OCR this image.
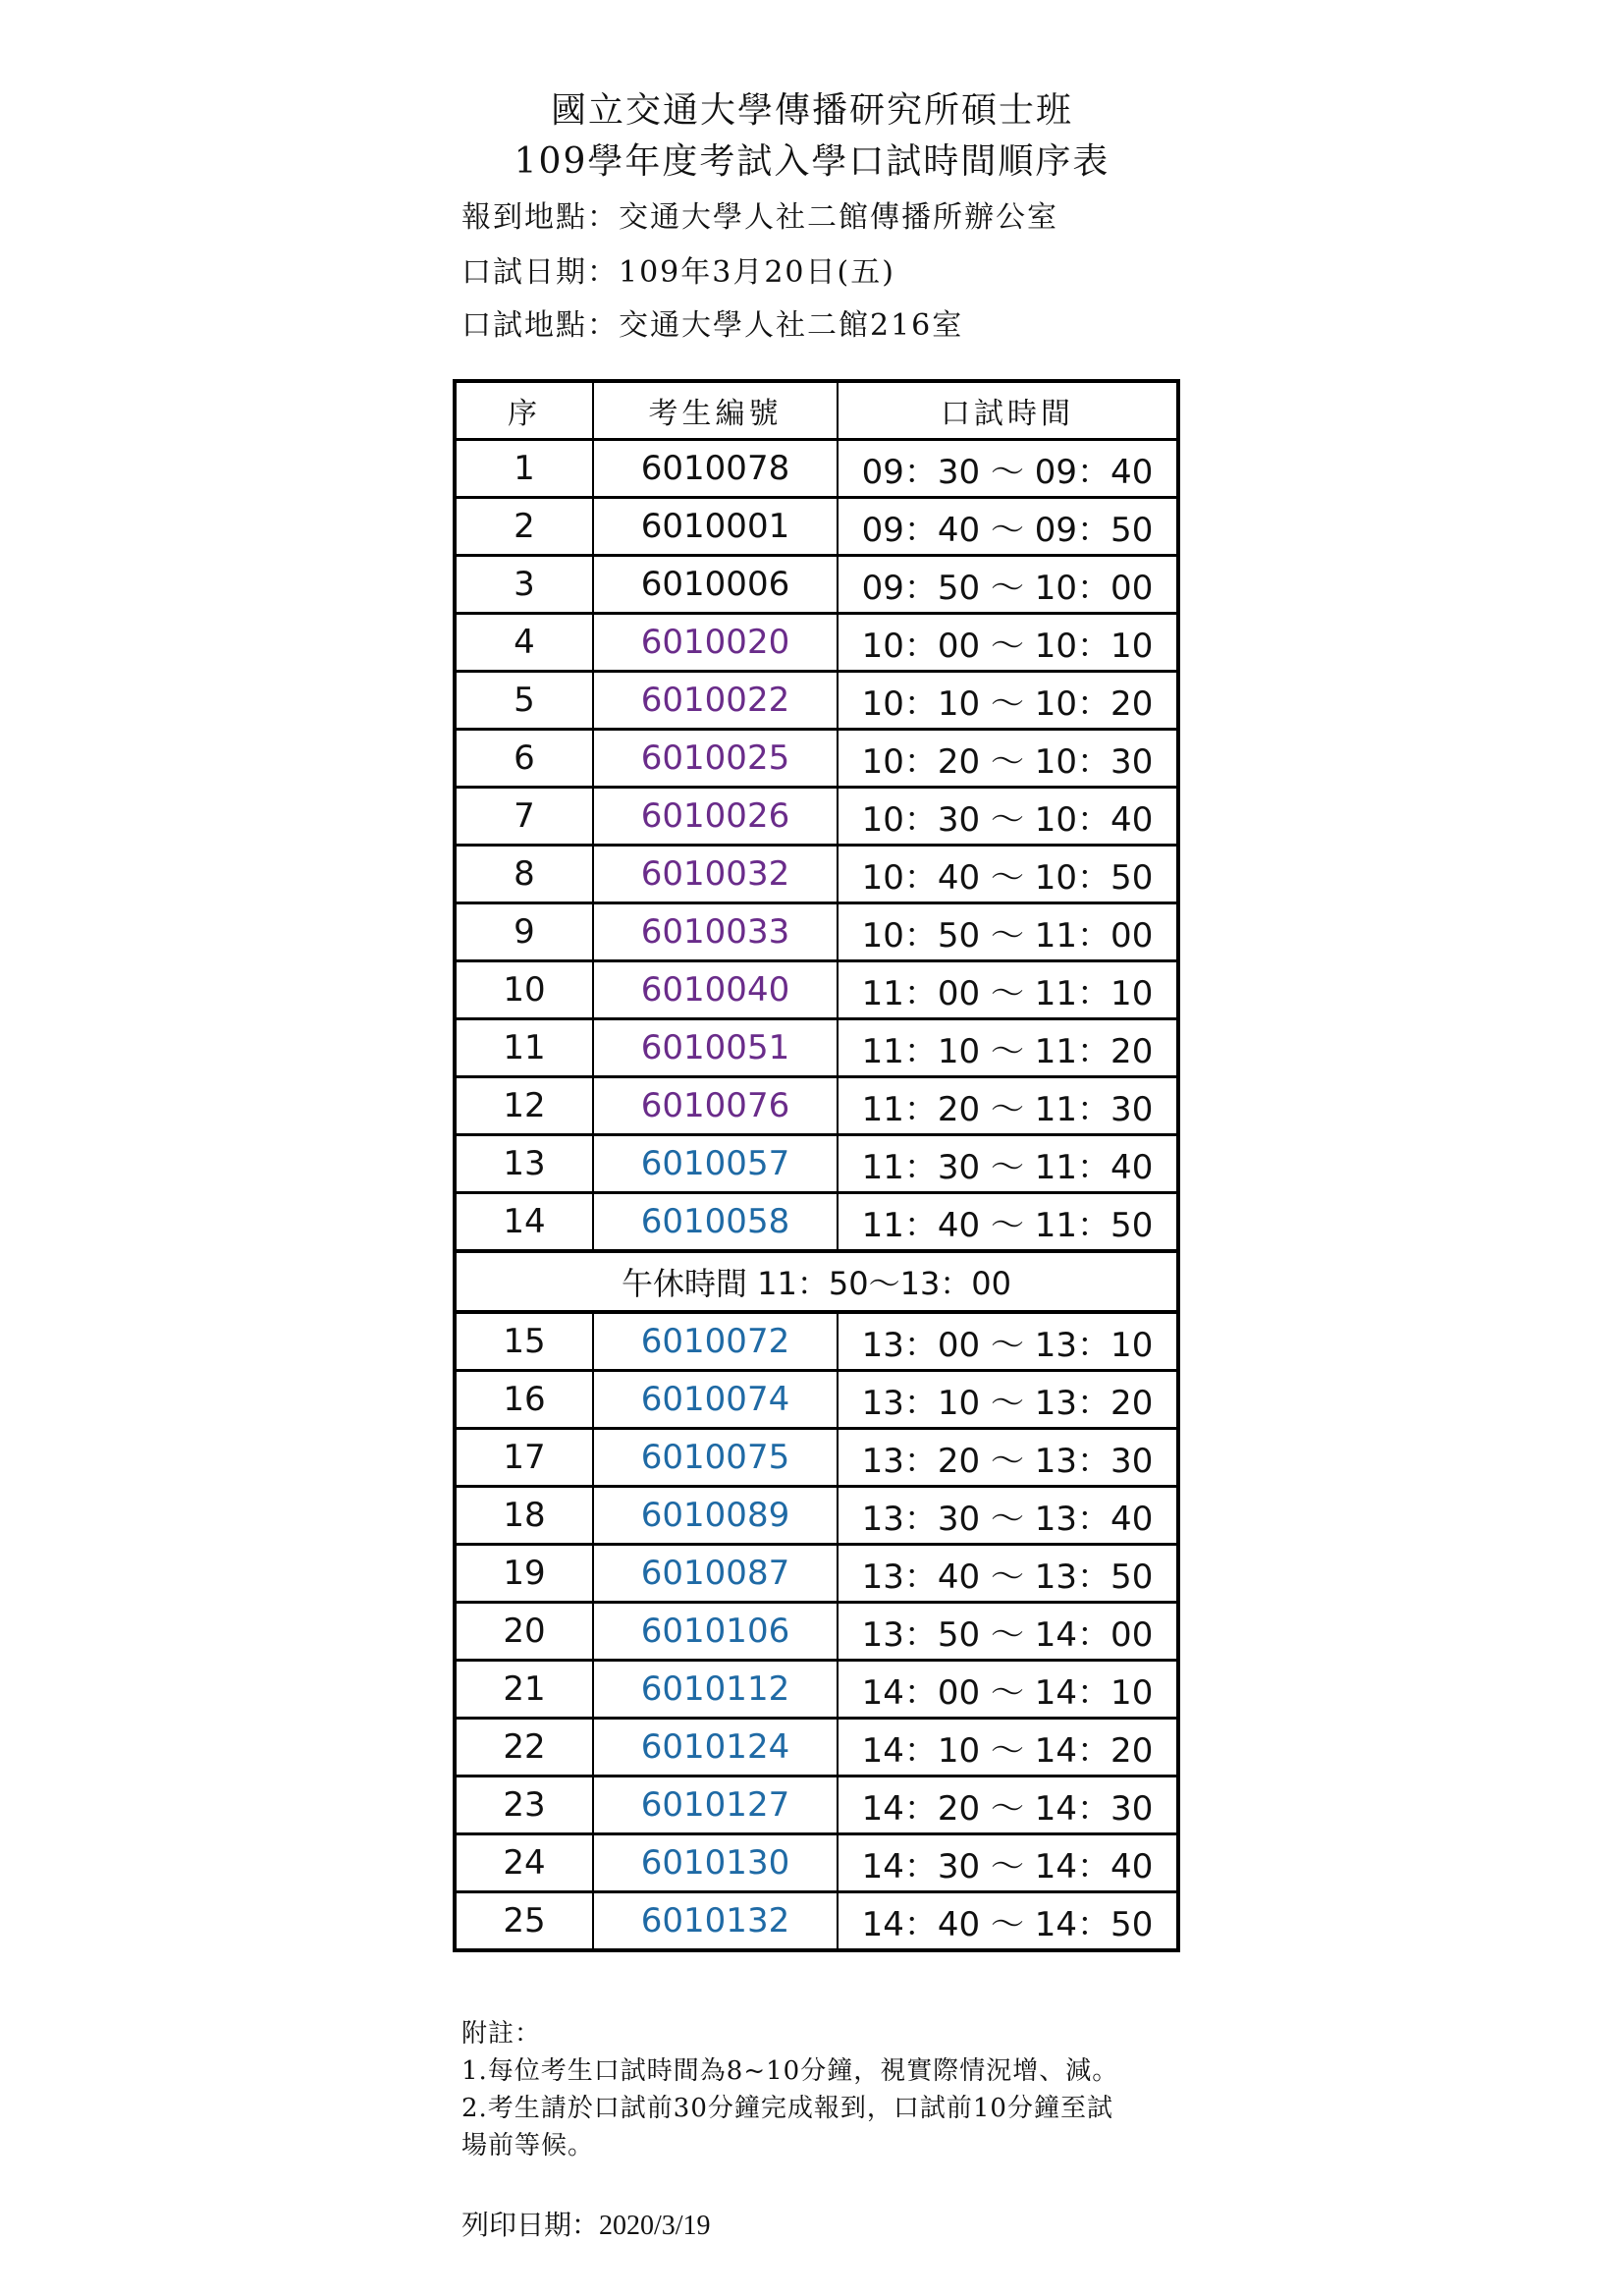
國立交通大學傳播研究所碩士班
109學年度考試入學口試時間順序表
報到地點：交通大學人社二館傳播所辦公室
口試日期：109年3月20日(五)
口試地點：交通大學人社二館216室
序	考生編號	口試時間
1	6010078	09：30 ～ 09：40
2	6010001	09：40 ～ 09：50
3	6010006	09：50 ～ 10：00
4	6010020	10：00 ～ 10：10
5	6010022	10：10 ～ 10：20
6	6010025	10：20 ～ 10：30
7	6010026	10：30 ～ 10：40
8	6010032	10：40 ～ 10：50
9	6010033	10：50 ～ 11：00
10	6010040	11：00 ～ 11：10
11	6010051	11：10 ～ 11：20
12	6010076	11：20 ～ 11：30
13	6010057	11：30 ～ 11：40
14	6010058	11：40 ～ 11：50
午休時間 11：50～13：00		
15	6010072	13：00 ～ 13：10
16	6010074	13：10 ～ 13：20
17	6010075	13：20 ～ 13：30
18	6010089	13：30 ～ 13：40
19	6010087	13：40 ～ 13：50
20	6010106	13：50 ～ 14：00
21	6010112	14：00 ～ 14：10
22	6010124	14：10 ～ 14：20
23	6010127	14：20 ～ 14：30
24	6010130	14：30 ～ 14：40
25	6010132	14：40 ～ 14：50
附註：
1.每位考生口試時間為8~10分鐘，視實際情況增、減。
2.考生請於口試前30分鐘完成報到，口試前10分鐘至試
場前等候。
列印日期：2020/3/19
